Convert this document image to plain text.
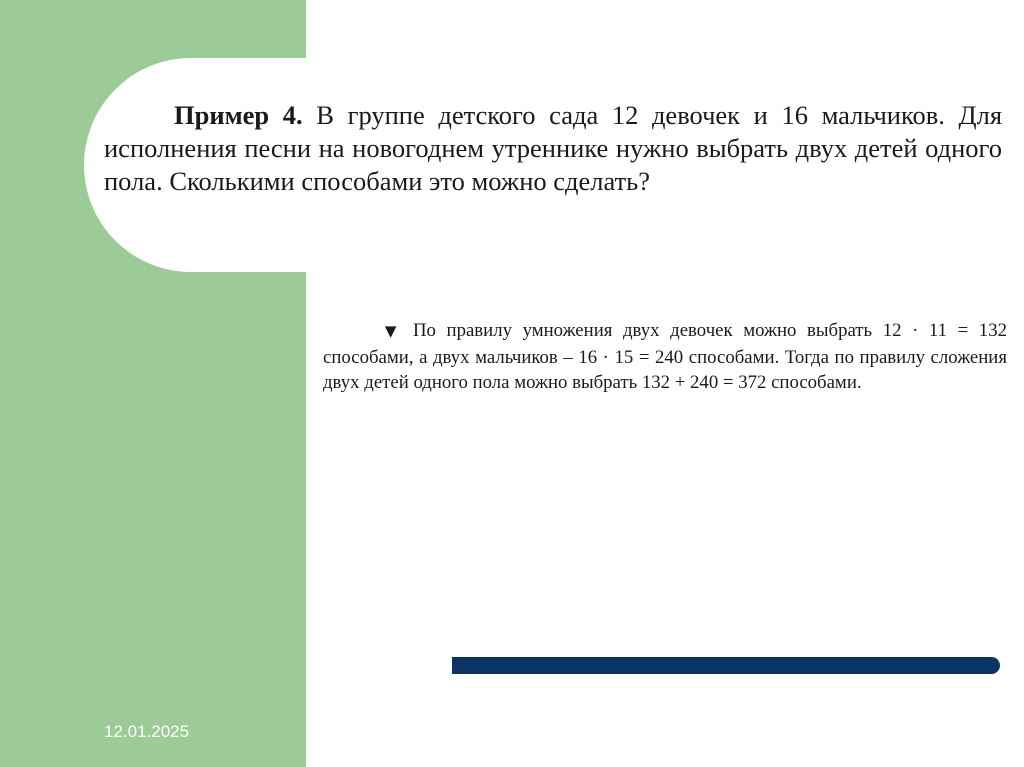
Пример 4. В группе детского сада 12 девочек и 16 мальчиков. Для исполнения песни на новогоднем утреннике нужно выбрать двух детей одного пола. Сколькими способами это можно сделать?

▼ По правилу умножения двух девочек можно выбрать 12 · 11 = 132 способами, а двух мальчиков – 16 · 15 = 240 способами. Тогда по правилу сложения двух детей одного пола можно выбрать 132 + 240 = 372 способами.

12.01.2025
